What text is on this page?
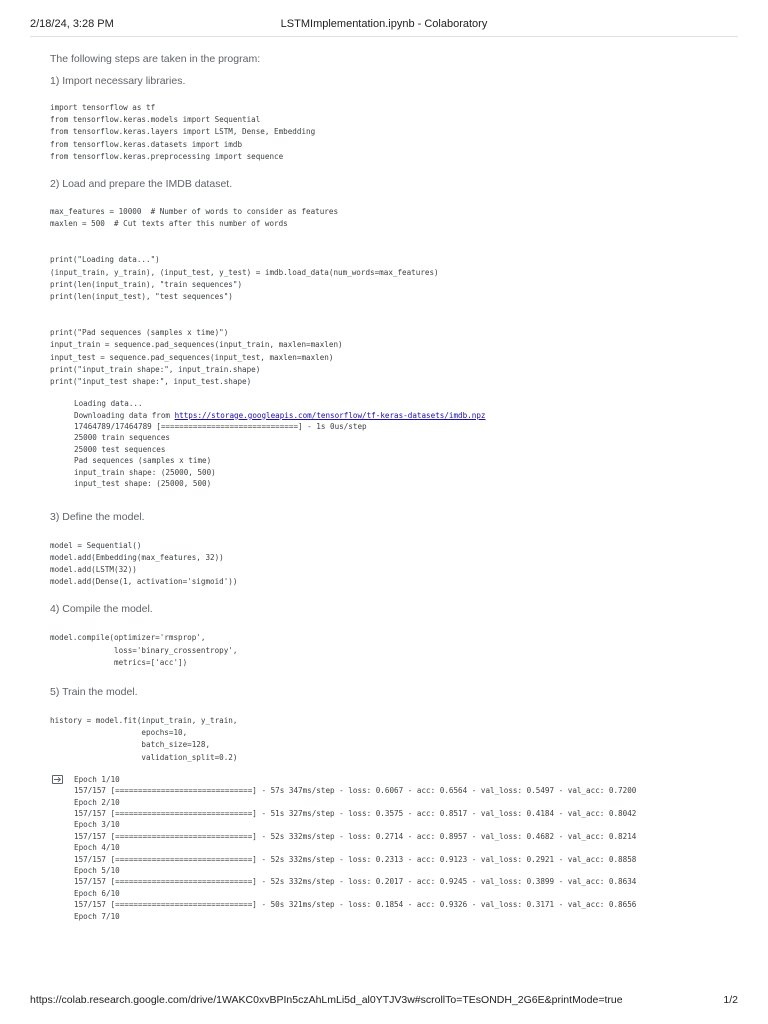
2/18/24, 3:28 PM	LSTMImplementation.ipynb - Colaboratory

The following steps are taken in the program:

1) Import necessary libraries.

import tensorflow as tf
from tensorflow.keras.models import Sequential
from tensorflow.keras.layers import LSTM, Dense, Embedding
from tensorflow.keras.datasets import imdb
from tensorflow.keras.preprocessing import sequence

2) Load and prepare the IMDB dataset.

max_features = 10000  # Number of words to consider as features
maxlen = 500  # Cut texts after this number of words
print("Loading data...")
(input_train, y_train), (input_test, y_test) = imdb.load_data(num_words=max_features)
print(len(input_train), "train sequences")
print(len(input_test), "test sequences")
print("Pad sequences (samples x time)")
input_train = sequence.pad_sequences(input_train, maxlen=maxlen)
input_test = sequence.pad_sequences(input_test, maxlen=maxlen)
print("input_train shape:", input_train.shape)
print("input_test shape:", input_test.shape)
Loading data...
Downloading data from https://storage.googleapis.com/tensorflow/tf-keras-datasets/imdb.npz
17464789/17464789 [==============================] - 1s 0us/step
25000 train sequences
25000 test sequences
Pad sequences (samples x time)
input_train shape: (25000, 500)
input_test shape: (25000, 500)

3) Define the model.

model = Sequential()
model.add(Embedding(max_features, 32))
model.add(LSTM(32))
model.add(Dense(1, activation='sigmoid'))

4) Compile the model.

model.compile(optimizer='rmsprop',
loss='binary_crossentropy',
metrics=['acc'])

5) Train the model.

history = model.fit(input_train, y_train,
epochs=10,
batch_size=128,
validation_split=0.2)
Epoch 1/10
157/157 [==============================] - 57s 347ms/step - loss: 0.6067 - acc: 0.6564 - val_loss: 0.5497 - val_acc: 0.7200
Epoch 2/10
157/157 [==============================] - 51s 327ms/step - loss: 0.3575 - acc: 0.8517 - val_loss: 0.4184 - val_acc: 0.8042
Epoch 3/10
157/157 [==============================] - 52s 332ms/step - loss: 0.2714 - acc: 0.8957 - val_loss: 0.4682 - val_acc: 0.8214
Epoch 4/10
157/157 [==============================] - 52s 332ms/step - loss: 0.2313 - acc: 0.9123 - val_loss: 0.2921 - val_acc: 0.8858
Epoch 5/10
157/157 [==============================] - 52s 332ms/step - loss: 0.2017 - acc: 0.9245 - val_loss: 0.3899 - val_acc: 0.8634
Epoch 6/10
157/157 [==============================] - 50s 321ms/step - loss: 0.1854 - acc: 0.9326 - val_loss: 0.3171 - val_acc: 0.8656
Epoch 7/10
https://colab.research.google.com/drive/1WAKC0xvBPIn5czAhLmLi5d_al0YTJV3w#scrollTo=TEsONDH_2G6E&printMode=true	1/2
